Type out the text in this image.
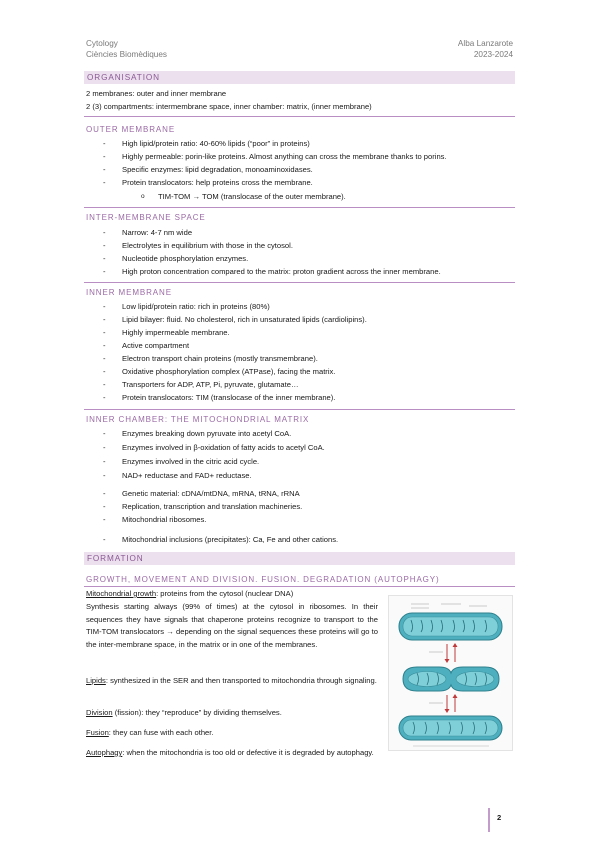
Cytology
Ciències Biomèdiques
Alba Lanzarote
2023-2024
ORGANISATION
2 membranes: outer and inner membrane
2 (3) compartments: intermembrane space, inner chamber: matrix, (inner membrane)
OUTER MEMBRANE
- High lipid/protein ratio: 40-60% lipids (“poor” in proteins)
- Highly permeable: porin-like proteins. Almost anything can cross the membrane thanks to porins.
- Specific enzymes: lipid degradation, monoaminoxidases.
- Protein translocators: help proteins cross the membrane.
o TIM-TOM → TOM (translocase of the outer membrane).
INTER-MEMBRANE SPACE
- Narrow: 4-7 nm wide
- Electrolytes in equilibrium with those in the cytosol.
- Nucleotide phosphorylation enzymes.
- High proton concentration compared to the matrix: proton gradient across the inner membrane.
INNER MEMBRANE
- Low lipid/protein ratio: rich in proteins (80%)
- Lipid bilayer: fluid. No cholesterol, rich in unsaturated lipids (cardiolipins).
- Highly impermeable membrane.
- Active compartment
- Electron transport chain proteins (mostly transmembrane).
- Oxidative phosphorylation complex (ATPase), facing the matrix.
- Transporters for ADP, ATP, Pi, pyruvate, glutamate…
- Protein translocators: TIM (translocase of the inner membrane).
INNER CHAMBER: THE MITOCHONDRIAL MATRIX
- Enzymes breaking down pyruvate into acetyl CoA.
- Enzymes involved in β-oxidation of fatty acids to acetyl CoA.
- Enzymes involved in the citric acid cycle.
- NAD+ reductase and FAD+ reductase.
- Genetic material: cDNA/mtDNA, mRNA, tRNA, rRNA
- Replication, transcription and translation machineries.
- Mitochondrial ribosomes.
- Mitochondrial inclusions (precipitates): Ca, Fe and other cations.
FORMATION
GROWTH, MOVEMENT AND DIVISION. FUSION. DEGRADATION (AUTOPHAGY)
Mitochondrial growth: proteins from the cytosol (nuclear DNA)
Synthesis starting always (99% of times) at the cytosol in ribosomes. In their sequences they have signals that chaperone proteins recognize to transport to the TIM-TOM translocators → depending on the signal sequences these proteins will go to the inter-membrane space, in the matrix or in one of the membranes.
Lipids: synthesized in the SER and then transported to mitochondria through signaling.
Division (fission): they “reproduce” by dividing themselves.
Fusion: they can fuse with each other.
Autophagy: when the mitochondria is too old or defective it is degraded by autophagy.
2
